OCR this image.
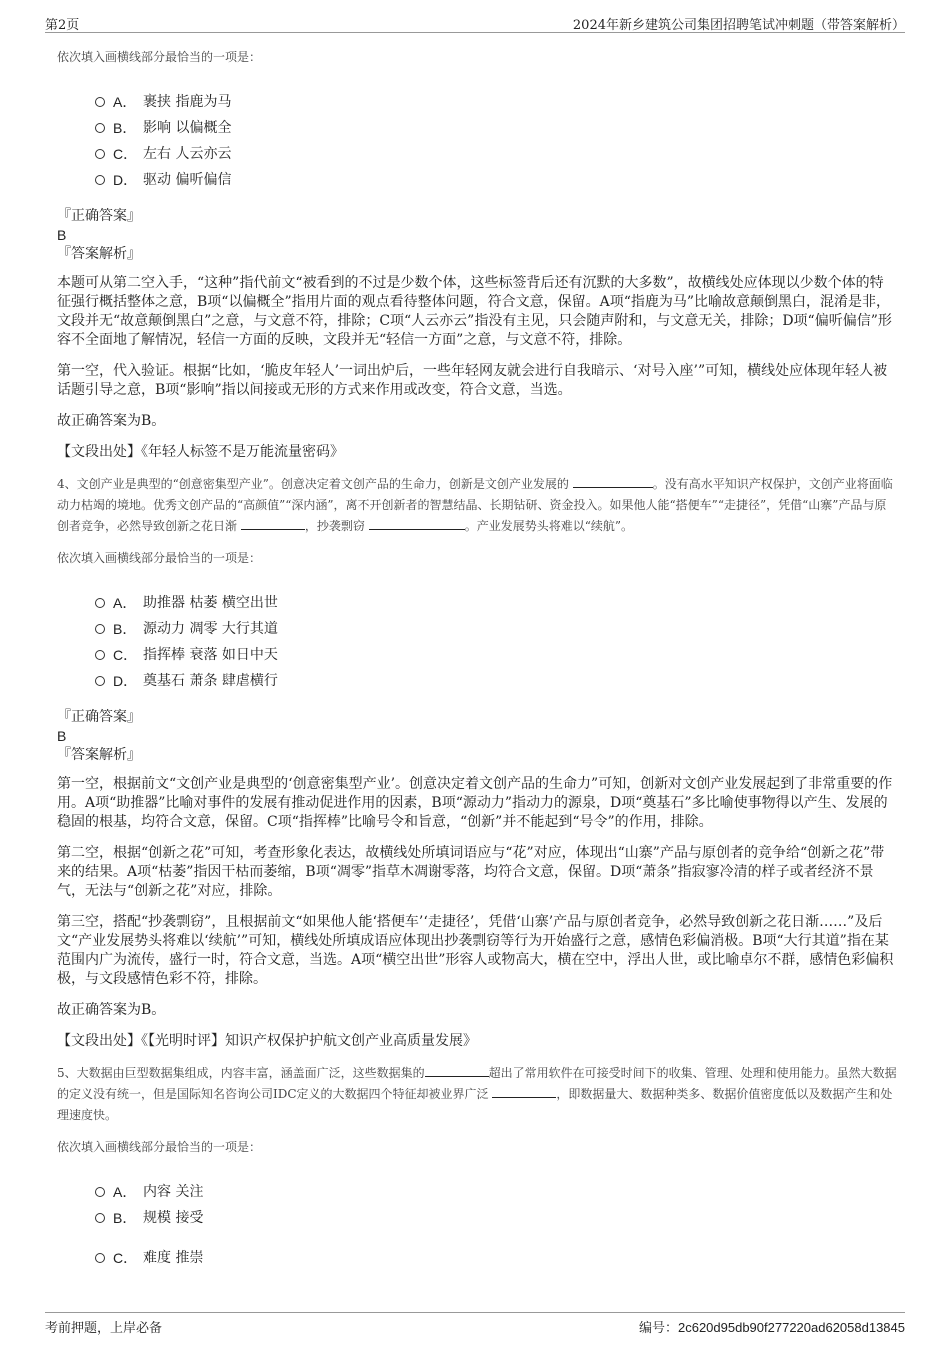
第2页	2024年新乡建筑公司集团招聘笔试冲刺题（带答案解析）
依次填入画横线部分最恰当的一项是：
A． 裹挟 指鹿为马
B． 影响 以偏概全
C． 左右 人云亦云
D． 驱动 偏听偏信
『正确答案』
B
『答案解析』

本题可从第二空入手，“这种”指代前文“被看到的不过是少数个体，这些标签背后还有沉默的大多数”，故横线处应体现以少数个体的特征强行概括整体之意，B项“以偏概全”指用片面的观点看待整体问题，符合文意，保留。A项“指鹿为马”比喻故意颠倒黑白，混淆是非，文段并无“故意颠倒黑白”之意，与文意不符，排除；C项“人云亦云”指没有主见，只会随声附和，与文意无关，排除；D项“偏听偏信”形容不全面地了解情况，轻信一方面的反映，文段并无“轻信一方面”之意，与文意不符，排除。

第一空，代入验证。根据“比如，‘脆皮年轻人’一词出炉后，一些年轻网友就会进行自我暗示、‘对号入座’”可知，横线处应体现年轻人被话题引导之意，B项“影响”指以间接或无形的方式来作用或改变，符合文意，当选。

故正确答案为B。

【文段出处】《年轻人标签不是万能流量密码》

4、文创产业是典型的“创意密集型产业”。创意决定着文创产品的生命力，创新是文创产业发展的	。没有高水平知识产权保护，文创产业将面临动力枯竭的境地。优秀文创产品的“高颜值”“深内涵”，离不开创新者的智慧结晶、长期钻研、资金投入。如果他人能“搭便车”“走捷径”，凭借“山寨”产品与原创者竞争，必然导致创新之花日渐	，抄袭剽窃	。产业发展势头将难以“续航”。

依次填入画横线部分最恰当的一项是：
A． 助推器 枯萎 横空出世
B． 源动力 凋零 大行其道
C． 指挥棒 衰落 如日中天
D． 奠基石 萧条 肆虐横行
『正确答案』
B
『答案解析』

第一空，根据前文“文创产业是典型的‘创意密集型产业’。创意决定着文创产品的生命力”可知，创新对文创产业发展起到了非常重要的作用。A项“助推器”比喻对事件的发展有推动促进作用的因素，B项“源动力”指动力的源泉，D项“奠基石”多比喻使事物得以产生、发展的稳固的根基，均符合文意，保留。C项“指挥棒”比喻号令和旨意，“创新”并不能起到“号令”的作用，排除。

第二空，根据“创新之花”可知，考查形象化表达，故横线处所填词语应与“花”对应，体现出“山寨”产品与原创者的竞争给“创新之花”带来的结果。A项“枯萎”指因干枯而萎缩，B项“凋零”指草木凋谢零落，均符合文意，保留。D项“萧条”指寂寥冷清的样子或者经济不景气，无法与“创新之花”对应，排除。

第三空，搭配“抄袭剽窃”，且根据前文“如果他人能‘搭便车’‘走捷径’，凭借‘山寨’产品与原创者竞争，必然导致创新之花日渐……”及后文“产业发展势头将难以‘续航’”可知，横线处所填成语应体现出抄袭剽窃等行为开始盛行之意，感情色彩偏消极。B项“大行其道”指在某范围内广为流传，盛行一时，符合文意，当选。A项“横空出世”形容人或物高大，横在空中，浮出人世，或比喻卓尔不群，感情色彩偏积极，与文段感情色彩不符，排除。

故正确答案为B。

【文段出处】《【光明时评】知识产权保护护航文创产业高质量发展》

5、大数据由巨型数据集组成，内容丰富，涵盖面广泛，这些数据集的	超出了常用软件在可接受时间下的收集、管理、处理和使用能力。虽然大数据的定义没有统一，但是国际知名咨询公司IDC定义的大数据四个特征却被业界广泛	，即数据量大、数据种类多、数据价值密度低以及数据产生和处理速度快。

依次填入画横线部分最恰当的一项是：
A． 内容 关注
B． 规模 接受
C． 难度 推崇
考前押题，上岸必备	编号：2c620d95db90f277220ad62058d13845
